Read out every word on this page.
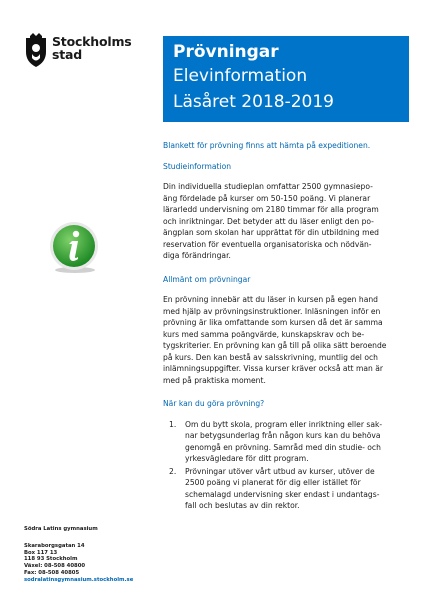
Stockholms
stad	Prövningar
Elevinformation
Läsåret 2018-2019

Blankett för prövning finns att hämta på expeditionen.

Studieinformation

Din individuella studieplan omfattar 2500 gymnasiepo-
äng fördelade på kurser om 50-150 poäng. Vi planerar
lärarledd undervisning om 2180 timmar för alla program
och inriktningar. Det betyder att du läser enligt den po-
ängplan som skolan har upprättat för din utbildning med
reservation för eventuella organisatoriska och nödvän-
diga förändringar.

Allmänt om prövningar

En prövning innebär att du läser in kursen på egen hand
med hjälp av prövningsinstruktioner. Inläsningen inför en
prövning är lika omfattande som kursen då det är samma
kurs med samma poängvärde, kunskapskrav och be-
tygskriterier. En prövning kan gå till på olika sätt beroende
på kurs. Den kan bestå av salsskrivning, muntlig del och
inlämningsuppgifter. Vissa kurser kräver också att man är
med på praktiska moment.

När kan du göra prövning?

1. Om du bytt skola, program eller inriktning eller sak-
nar betygsunderlag från någon kurs kan du behöva
genomgå en prövning. Samråd med din studie- och
yrkesvägledare för ditt program.
2. Prövningar utöver vårt utbud av kurser, utöver de
2500 poäng vi planerat för dig eller istället för
schemalagd undervisning sker endast i undantags-
fall och beslutas av din rektor.
Södra Latins gymnasium
Skaraborgsgatan 14
Box 117 13
118 93 Stockholm
Växel: 08-508 40800
Fax: 08-508 40805
sodralatinsgymnasium.stockholm.se
